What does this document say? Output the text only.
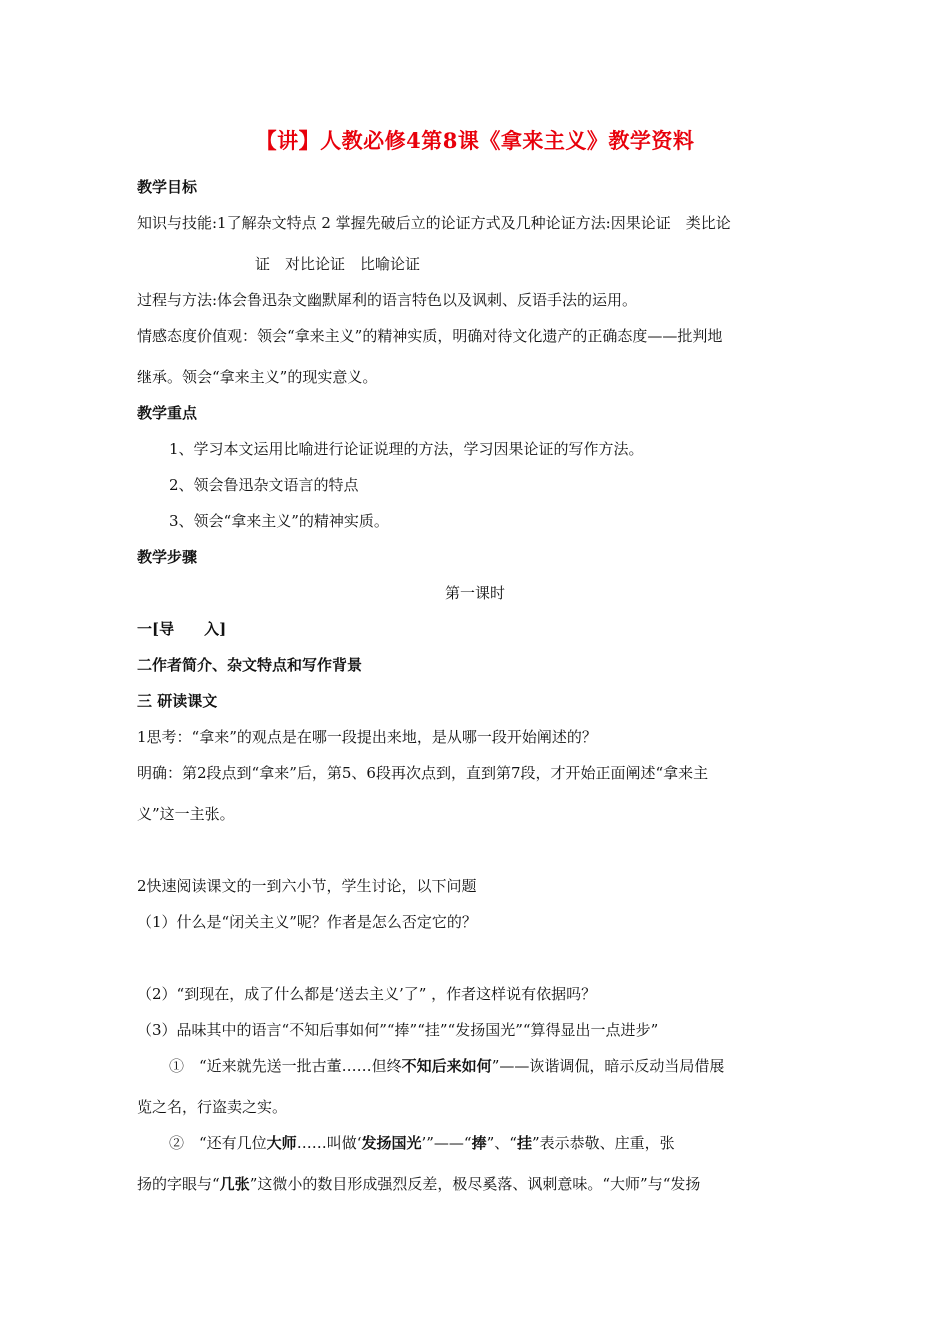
【讲】人教必修4第8课《拿来主义》教学资料
教学目标
知识与技能:1了解杂文特点 2 掌握先破后立的论证方式及几种论证方法:因果论证　类比论
证　对比论证　比喻论证
过程与方法:体会鲁迅杂文幽默犀利的语言特色以及讽刺、反语手法的运用。
情感态度价值观：领会“拿来主义”的精神实质，明确对待文化遗产的正确态度——批判地
继承。领会“拿来主义”的现实意义。
教学重点
1、学习本文运用比喻进行论证说理的方法，学习因果论证的写作方法。
2、领会鲁迅杂文语言的特点
3、领会“拿来主义”的精神实质。
教学步骤
第一课时
一[导　　入]
二作者简介、杂文特点和写作背景
三 研读课文
1思考：“拿来”的观点是在哪一段提出来地，是从哪一段开始阐述的？
明确：第2段点到“拿来”后，第5、6段再次点到，直到第7段，才开始正面阐述“拿来主
义”这一主张。
2快速阅读课文的一到六小节，学生讨论，以下问题
（1）什么是“闭关主义”呢？作者是怎么否定它的？
（2）“到现在，成了什么都是‘送去主义’了” ，作者这样说有依据吗？
（3）品味其中的语言“不知后事如何”“捧”“挂”“发扬国光”“算得显出一点进步”
①　“近来就先送一批古董……但终不知后来如何”——诙谐调侃，暗示反动当局借展
览之名，行盗卖之实。
②　“还有几位大师……叫做‘发扬国光’”——“捧”、“挂”表示恭敬、庄重，张
扬的字眼与“几张”这微小的数目形成强烈反差，极尽奚落、讽刺意味。“大师”与“发扬
